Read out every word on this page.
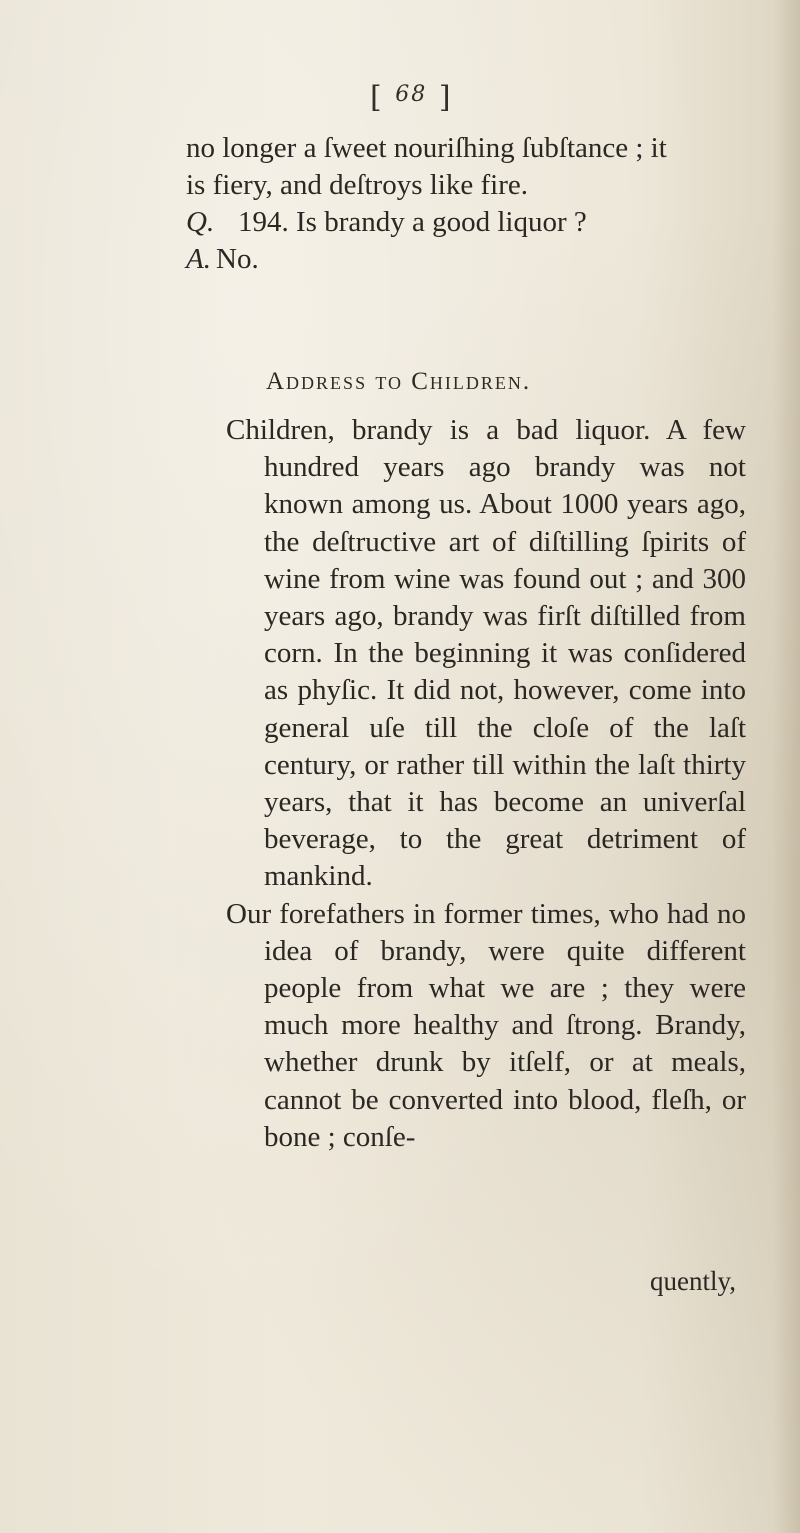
[ $^{68}$ ]

no longer a ſweet nouriſhing ſubſtance ; it

is fiery, and deſtroys like fire.

Q. 194. Is brandy a good liquor ?

A. No.

Address to Children.

Children, brandy is a bad liquor. A few hundred years ago brandy was not known among us. About 1000 years ago, the deſtructive art of diſtilling ſpirits of wine from wine was found out ; and 300 years ago, brandy was firſt diſtilled from corn. In the beginning it was conſidered as phyſic. It did not, however, come into general uſe till the cloſe of the laſt century, or rather till within the laſt thirty years, that it has become an univerſal beverage, to the great detriment of mankind.

Our forefathers in former times, who had no idea of brandy, were quite different people from what we are ; they were much more healthy and ſtrong. Brandy, whether drunk by itſelf, or at meals, cannot be converted into blood, fleſh, or bone ; conſe-

quently,
